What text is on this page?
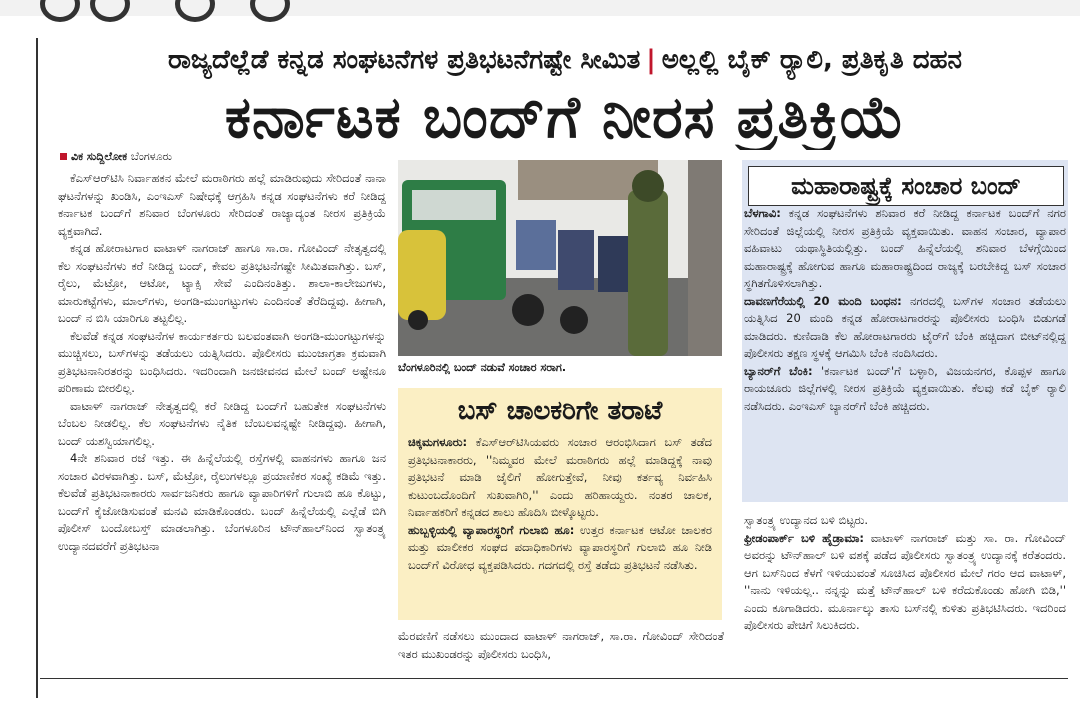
ರಾಜ್ಯದೆಲ್ಲೆಡೆ ಕನ್ನಡ ಸಂಘಟನೆಗಳ ಪ್ರತಿಭಟನೆಗಷ್ಟೇ ಸೀಮಿತ | ಅಲ್ಲಲ್ಲಿ ಬೈಕ್ ರ‍್ಯಾಲಿ, ಪ್ರತಿಕೃತಿ ದಹನ
ಕರ್ನಾಟಕ ಬಂದ್‌ಗೆ ನೀರಸ ಪ್ರತಿಕ್ರಿಯೆ
ವಿಕ ಸುದ್ದಿಲೋಕ ಬೆಂಗಳೂರು

ಕೆಎಸ್ಆರ್‌ಟಿಸಿ ನಿರ್ವಾಹಕನ ಮೇಲೆ ಮರಾಠಿಗರು ಹಲ್ಲೆ ಮಾಡಿರುವುದು ಸೇರಿದಂತೆ ನಾನಾ ಘಟನೆಗಳನ್ನು ಖಂಡಿಸಿ, ಎಂಇಎಸ್ ನಿಷೇಧಕ್ಕೆ ಆಗ್ರಹಿಸಿ ಕನ್ನಡ ಸಂಘಟನೆಗಳು ಕರೆ ನೀಡಿದ್ದ ಕರ್ನಾಟಕ ಬಂದ್‌ಗೆ ಶನಿವಾರ ಬೆಂಗಳೂರು ಸೇರಿದಂತೆ ರಾಜ್ಯಾದ್ಯಂತ ನೀರಸ ಪ್ರತಿಕ್ರಿಯೆ ವ್ಯಕ್ತವಾಗಿದೆ.

ಕನ್ನಡ ಹೋರಾಟಗಾರ ವಾಟಾಳ್ ನಾಗರಾಜ್ ಹಾಗೂ ಸಾ.ರಾ. ಗೋವಿಂದ್ ನೇತೃತ್ವದಲ್ಲಿ ಕೆಲ ಸಂಘಟನೆಗಳು ಕರೆ ನೀಡಿದ್ದ ಬಂದ್, ಕೇವಲ ಪ್ರತಿಭಟನೆಗಷ್ಟೇ ಸೀಮಿತವಾಗಿತ್ತು. ಬಸ್, ರೈಲು, ಮೆಟ್ರೋ, ಆಟೋ, ಟ್ಯಾಕ್ಸಿ ಸೇವೆ ಎಂದಿನಂತಿತ್ತು. ಶಾಲಾ-ಕಾಲೇಜುಗಳು, ಮಾರುಕಟ್ಟೆಗಳು, ಮಾಲ್‌ಗಳು, ಅಂಗಡಿ-ಮುಂಗಟ್ಟುಗಳು ಎಂದಿನಂತೆ ತೆರೆದಿದ್ದವು. ಹೀಗಾಗಿ, ಬಂದ್ ನ ಬಿಸಿ ಯಾರಿಗೂ ತಟ್ಟಲಿಲ್ಲ.

ಕೆಲವೆಡೆ ಕನ್ನಡ ಸಂಘಟನೆಗಳ ಕಾರ್ಯಕರ್ತರು ಬಲವಂತವಾಗಿ ಅಂಗಡಿ-ಮುಂಗಟ್ಟುಗಳನ್ನು ಮುಚ್ಚಿಸಲು, ಬಸ್‌ಗಳನ್ನು ತಡೆಯಲು ಯತ್ನಿಸಿದರು. ಪೊಲೀಸರು ಮುಂಜಾಗ್ರತಾ ಕ್ರಮವಾಗಿ ಪ್ರತಿಭಟನಾನಿರತರನ್ನು ಬಂಧಿಸಿದರು. ಇದರಿಂದಾಗಿ ಜನಜೀವನದ ಮೇಲೆ ಬಂದ್ ಅಷ್ಟೇನೂ ಪರಿಣಾಮ ಬೀರಲಿಲ್ಲ.

ವಾಟಾಳ್ ನಾಗರಾಜ್ ನೇತೃತ್ವದಲ್ಲಿ ಕರೆ ನೀಡಿದ್ದ ಬಂದ್‌ಗೆ ಬಹುತೇಕ ಸಂಘಟನೆಗಳು ಬೆಂಬಲ ನೀಡಲಿಲ್ಲ. ಕೆಲ ಸಂಘಟನೆಗಳು ನೈತಿಕ ಬೆಂಬಲವನ್ನಷ್ಟೇ ನೀಡಿದ್ದವು. ಹೀಗಾಗಿ, ಬಂದ್ ಯಶಸ್ವಿಯಾಗಲಿಲ್ಲ.

4ನೇ ಶನಿವಾರ ರಜೆ ಇತ್ತು. ಈ ಹಿನ್ನೆಲೆಯಲ್ಲಿ ರಸ್ತೆಗಳಲ್ಲಿ ವಾಹನಗಳು ಹಾಗೂ ಜನ ಸಂಚಾರ ವಿರಳವಾಗಿತ್ತು. ಬಸ್, ಮೆಟ್ರೋ, ರೈಲುಗಳಲ್ಲೂ ಪ್ರಯಾಣಿಕರ ಸಂಖ್ಯೆ ಕಡಿಮೆ ಇತ್ತು. ಕೆಲವೆಡೆ ಪ್ರತಿಭಟನಾಕಾರರು ಸಾರ್ವಜನಿಕರು ಹಾಗೂ ವ್ಯಾಪಾರಿಗಳಿಗೆ ಗುಲಾಬಿ ಹೂ ಕೊಟ್ಟು, ಬಂದ್‌ಗೆ ಕೈಜೋಡಿಸುವಂತೆ ಮನವಿ ಮಾಡಿಕೊಂಡರು. ಬಂದ್ ಹಿನ್ನೆಲೆಯಲ್ಲಿ ಎಲ್ಲೆಡೆ ಬಿಗಿ ಪೊಲೀಸ್ ಬಂದೋಬಸ್ತ್ ಮಾಡಲಾಗಿತ್ತು. ಬೆಂಗಳೂರಿನ ಟೌನ್‌ಹಾಲ್‌ನಿಂದ ಸ್ವಾತಂತ್ರ್ಯ ಉದ್ಯಾನದವರೆಗೆ ಪ್ರತಿಭಟನಾ

ಬೆಂಗಳೂರಿನಲ್ಲಿ ಬಂದ್ ನಡುವೆ ಸಂಚಾರ ಸರಾಗ.
ಬಸ್ ಚಾಲಕರಿಗೇ ತರಾಟೆ
ಚಿಕ್ಕಮಗಳೂರು: ಕೆಎಸ್ಆರ್‌ಟಿಸಿಯವರು ಸಂಚಾರ ಆರಂಭಿಸಿದಾಗ ಬಸ್ ತಡೆದ ಪ್ರತಿಭಟನಾಕಾರರು, ''ನಿಮ್ಮವರ ಮೇಲೆ ಮರಾಠಿಗರು ಹಲ್ಲೆ ಮಾಡಿದ್ದಕ್ಕೆ ನಾವು ಪ್ರತಿಭಟನೆ ಮಾಡಿ ಜೈಲಿಗೆ ಹೋಗುತ್ತೇವೆ, ನೀವು ಕರ್ತವ್ಯ ನಿರ್ವಹಿಸಿ ಕುಟುಂಬದೊಂದಿಗೆ ಸುಖವಾಗಿರಿ,'' ಎಂದು ಹರಿಹಾಯ್ದರು. ನಂತರ ಚಾಲಕ, ನಿರ್ವಾಹಕರಿಗೆ ಕನ್ನಡದ ಶಾಲು ಹೊದಿಸಿ ಬೀಳ್ಕೊಟ್ಟರು.
ಹುಬ್ಬಳ್ಳಿಯಲ್ಲಿ ವ್ಯಾಪಾರಸ್ಥರಿಗೆ ಗುಲಾಬಿ ಹೂ: ಉತ್ತರ ಕರ್ನಾಟಕ ಆಟೋ ಚಾಲಕರ ಮತ್ತು ಮಾಲೀಕರ ಸಂಘದ ಪದಾಧಿಕಾರಿಗಳು ವ್ಯಾಪಾರಸ್ಥರಿಗೆ ಗುಲಾಬಿ ಹೂ ನೀಡಿ ಬಂದ್‌ಗೆ ವಿರೋಧ ವ್ಯಕ್ತಪಡಿಸಿದರು. ಗದಗದಲ್ಲಿ ರಸ್ತೆ ತಡೆದು ಪ್ರತಿಭಟನೆ ನಡೆಸಿತು.

ಮೆರವಣಿಗೆ ನಡೆಸಲು ಮುಂದಾದ ವಾಟಾಳ್ ನಾಗರಾಜ್, ಸಾ.ರಾ. ಗೋವಿಂದ್ ಸೇರಿದಂತೆ ಇತರ ಮುಖಂಡರನ್ನು ಪೊಲೀಸರು ಬಂಧಿಸಿ,

ಮಹಾರಾಷ್ಟ್ರಕ್ಕೆ ಸಂಚಾರ ಬಂದ್
ಬೆಳಗಾವಿ: ಕನ್ನಡ ಸಂಘಟನೆಗಳು ಶನಿವಾರ ಕರೆ ನೀಡಿದ್ದ ಕರ್ನಾಟಕ ಬಂದ್‌ಗೆ ನಗರ ಸೇರಿದಂತೆ ಜಿಲ್ಲೆಯಲ್ಲಿ ನೀರಸ ಪ್ರತಿಕ್ರಿಯೆ ವ್ಯಕ್ತವಾಯಿತು. ವಾಹನ ಸಂಚಾರ, ವ್ಯಾಪಾರ ವಹಿವಾಟು ಯಥಾಸ್ಥಿತಿಯಲ್ಲಿತ್ತು. ಬಂದ್ ಹಿನ್ನೆಲೆಯಲ್ಲಿ ಶನಿವಾರ ಬೆಳಗ್ಗೆಯಿಂದ ಮಹಾರಾಷ್ಟ್ರಕ್ಕೆ ಹೋಗುವ ಹಾಗೂ ಮಹಾರಾಷ್ಟ್ರದಿಂದ ರಾಜ್ಯಕ್ಕೆ ಬರಬೇಕಿದ್ದ ಬಸ್ ಸಂಚಾರ ಸ್ಥಗಿತಗೊಳಿಸಲಾಗಿತ್ತು.
ದಾವಣಗೆರೆಯಲ್ಲಿ 20 ಮಂದಿ ಬಂಧನ: ನಗರದಲ್ಲಿ ಬಸ್‌ಗಳ ಸಂಚಾರ ತಡೆಯಲು ಯತ್ನಿಸಿದ 20 ಮಂದಿ ಕನ್ನಡ ಹೋರಾಟಗಾರರನ್ನು ಪೊಲೀಸರು ಬಂಧಿಸಿ ಬಿಡುಗಡೆ ಮಾಡಿದರು. ಕುಣಿದಾಡಿ ಕೆಲ ಹೋರಾಟಗಾರರು ಟೈರ್‌ಗೆ ಬೆಂಕಿ ಹಚ್ಚಿದಾಗ ಬೀಟ್‌ನಲ್ಲಿದ್ದ ಪೊಲೀಸರು ತಕ್ಷಣ ಸ್ಥಳಕ್ಕೆ ಆಗಮಿಸಿ ಬೆಂಕಿ ನಂದಿಸಿದರು.
ಬ್ಯಾನರ್‌ಗೆ ಬೆಂಕಿ: 'ಕರ್ನಾಟಕ ಬಂದ್'ಗೆ ಬಳ್ಳಾರಿ, ವಿಜಯನಗರ, ಕೊಪ್ಪಳ ಹಾಗೂ ರಾಯಚೂರು ಜಿಲ್ಲೆಗಳಲ್ಲಿ ನೀರಸ ಪ್ರತಿಕ್ರಿಯೆ ವ್ಯಕ್ತವಾಯಿತು. ಕೆಲವು ಕಡೆ ಬೈಕ್ ರ‍್ಯಾಲಿ ನಡೆಸಿದರು. ಎಂಇಎಸ್ ಬ್ಯಾನರ್‌ಗೆ ಬೆಂಕಿ ಹಚ್ಚಿದರು.
ಸ್ವಾತಂತ್ರ್ಯ ಉದ್ಯಾನದ ಬಳಿ ಬಿಟ್ಟರು.
ಫ್ರೀಡಂಪಾರ್ಕ್ ಬಳಿ ಹೈಡ್ರಾಮಾ: ವಾಟಾಳ್ ನಾಗರಾಜ್ ಮತ್ತು ಸಾ. ರಾ. ಗೋವಿಂದ್ ಅವರನ್ನು ಟೌನ್‌ಹಾಲ್ ಬಳಿ ವಶಕ್ಕೆ ಪಡೆದ ಪೊಲೀಸರು ಸ್ವಾತಂತ್ರ್ಯ ಉದ್ಯಾನಕ್ಕೆ ಕರೆತಂದರು. ಆಗ ಬಸ್‌ನಿಂದ ಕೆಳಗೆ ಇಳಿಯುವಂತೆ ಸೂಚಿಸಿದ ಪೊಲೀಸರ ಮೇಲೆ ಗರಂ ಆದ ವಾಟಾಳ್, ''ನಾನು ಇಳಿಯಲ್ಲ.. ನನ್ನನ್ನು ಮತ್ತೆ ಟೌನ್‌ಹಾಲ್ ಬಳಿ ಕರೆದುಕೊಂಡು ಹೋಗಿ ಬಿಡಿ,'' ಎಂದು ಕೂಗಾಡಿದರು. ಮೂರ್ನಾಲ್ಕು ತಾಸು ಬಸ್‌ನಲ್ಲಿ ಕುಳಿತು ಪ್ರತಿಭಟಿಸಿದರು. ಇದರಿಂದ ಪೊಲೀಸರು ಪೇಚಿಗೆ ಸಿಲುಕಿದರು.
